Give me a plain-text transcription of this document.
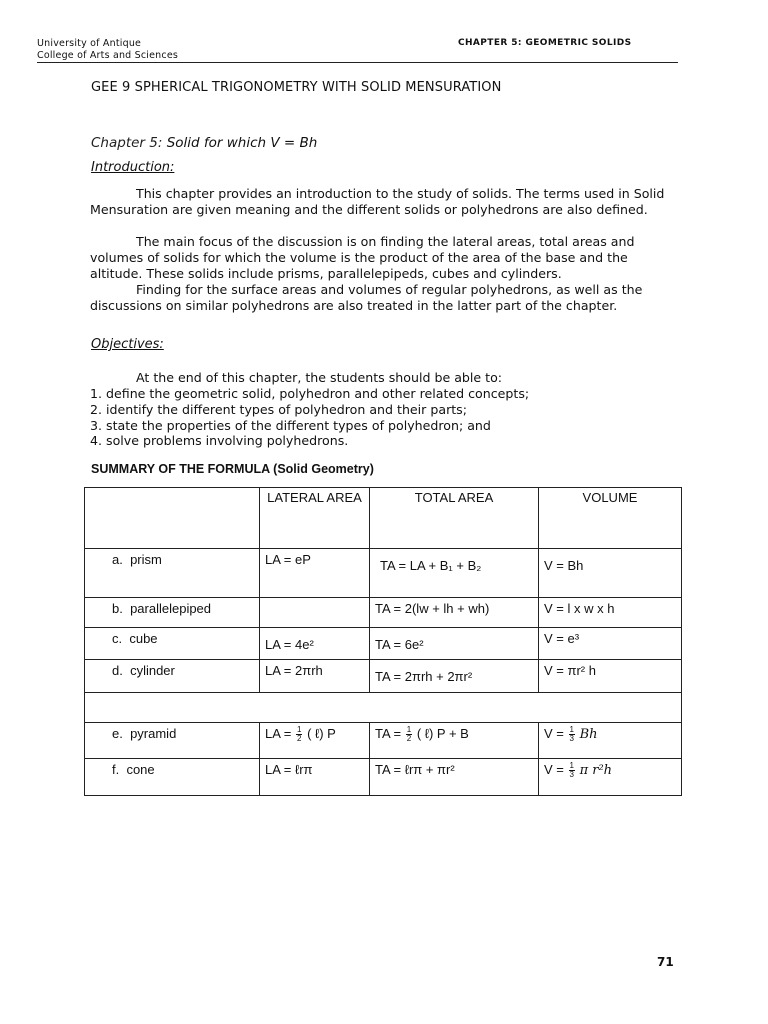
University of Antique
College of Arts and Sciences
CHAPTER 5: GEOMETRIC SOLIDS
GEE 9 SPHERICAL TRIGONOMETRY WITH SOLID MENSURATION
Chapter 5: Solid for which V = Bh
Introduction:

This chapter provides an introduction to the study of solids. The terms used in Solid Mensuration are given meaning and the different solids or polyhedrons are also defined.

The main focus of the discussion is on finding the lateral areas, total areas and volumes of solids for which the volume is the product of the area of the base and the altitude. These solids include prisms, parallelepipeds, cubes and cylinders.

Finding for the surface areas and volumes of regular polyhedrons, as well as the discussions on similar polyhedrons are also treated in the latter part of the chapter.

Objectives:

At the end of this chapter, the students should be able to:

1. define the geometric solid, polyhedron and other related concepts;
2. identify the different types of polyhedron and their parts;
3. state the properties of the different types of polyhedron; and
4. solve problems involving polyhedrons.
SUMMARY OF THE FORMULA (Solid Geometry)
	LATERAL AREA	TOTAL AREA	VOLUME
a.  prism	LA = eP	TA = LA + B₁ + B₂	V = Bh
b.  parallelepiped		TA = 2(lw + lh + wh)	V = l x w x h
c.  cube	LA = 4e²	TA = 6e²	V = e³
d.  cylinder	LA = 2πrh	TA = 2πrh + 2πr²	V = πr² h

e.  pyramid	LA = $\frac{1}{2}$ ( ℓ) P	TA = $\frac{1}{2}$ ( ℓ) P + B	$V = \frac{1}{3}$ Bh
f.  cone	LA = ℓrπ	TA = ℓrπ + πr²	$V = \frac{1}{3}$ π r²h
71
